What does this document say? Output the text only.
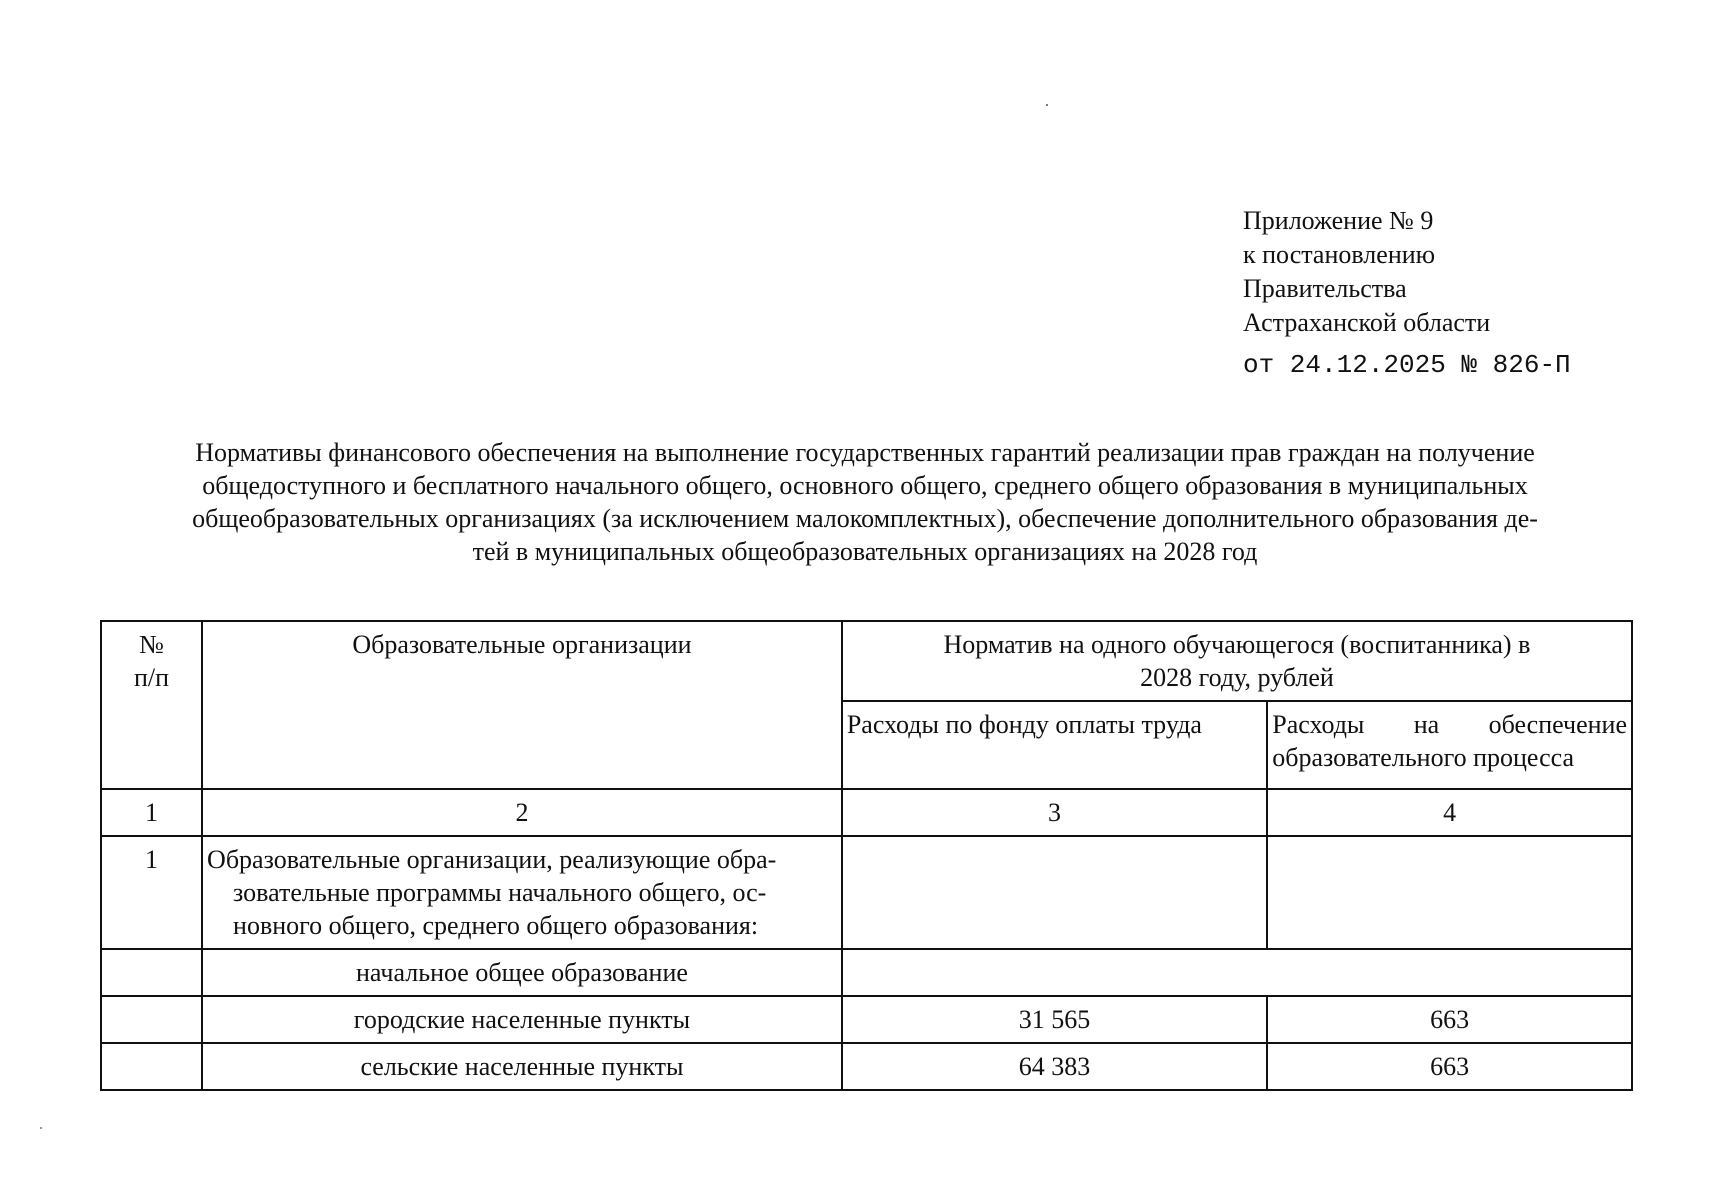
Приложение № 9
к постановлению
Правительства
Астраханской области
от 24.12.2025 № 826-П
Нормативы финансового обеспечения на выполнение государственных гарантий реализации прав граждан на получение
общедоступного и бесплатного начального общего, основного общего, среднего общего образования в муниципальных
общеобразовательных организациях (за исключением малокомплектных), обеспечение дополнительного образования де-
тей в муниципальных общеобразовательных организациях на 2028 год
№
п/п	Образовательные организации	Норматив на одного обучающегося (воспитанника) в
2028 году, рублей	

		Расходы по фонду оплаты труда	Расходы на обеспечение
образовательного процесса

1	2	3	4
1	Образовательные организации, реализующие обра-
зовательные программы начального общего, ос-
новного общего, среднего общего образования:		

	начальное общее образование		
	городские населенные пункты	31 565	663
	сельские населенные пункты	64 383	663
